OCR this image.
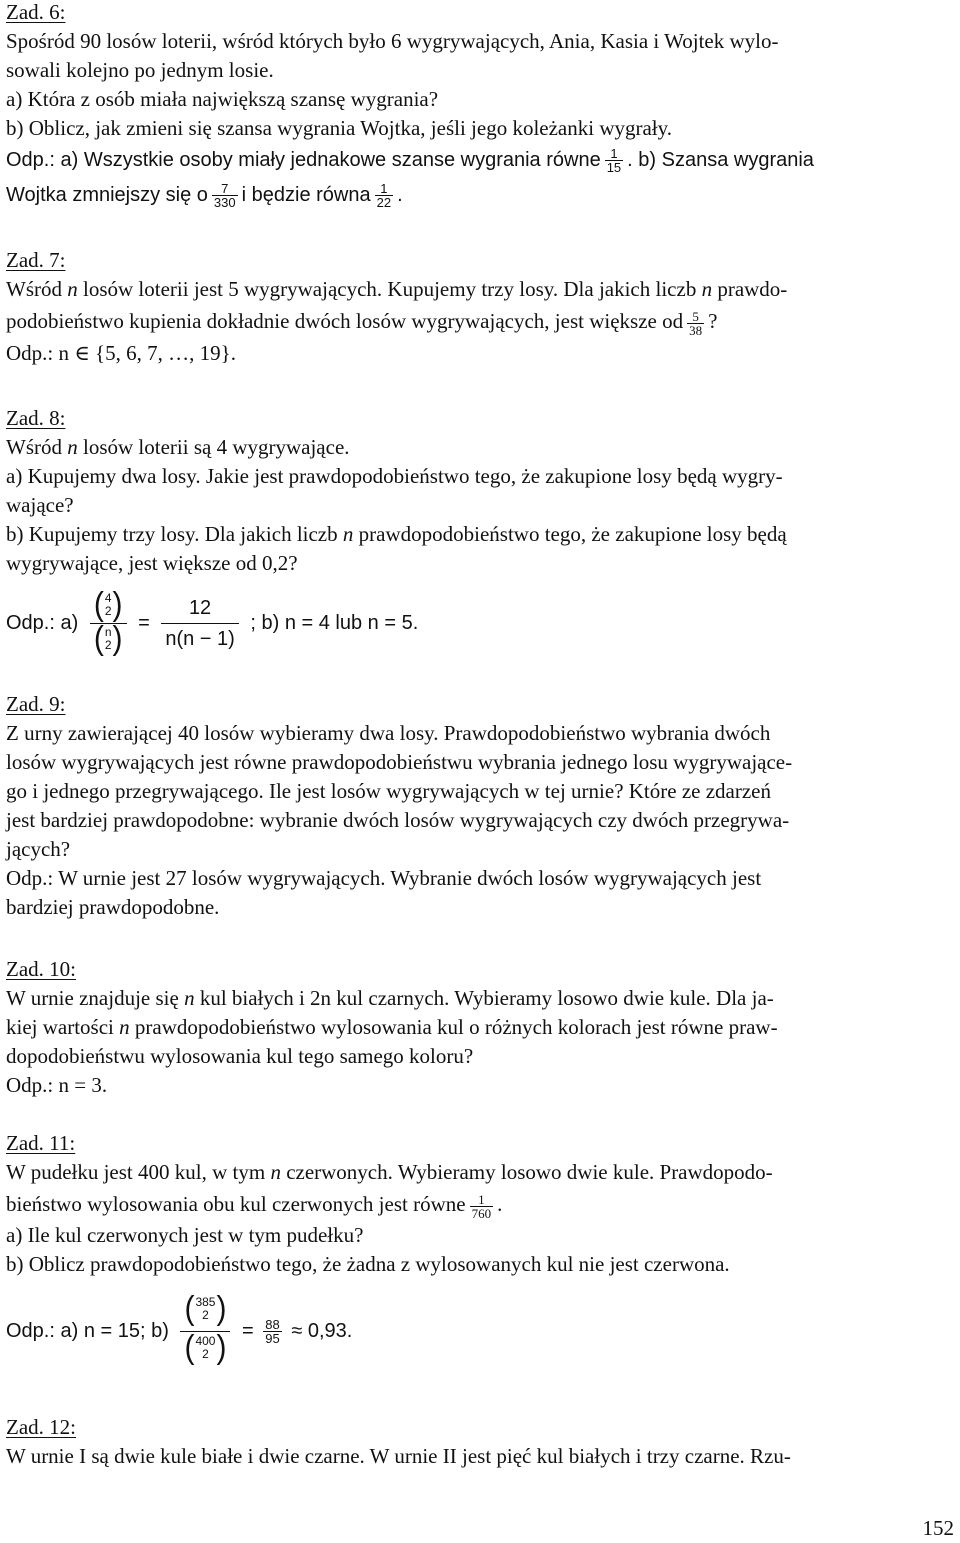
Zad. 6:
Spośród 90 losów loterii, wśród których było 6 wygrywających, Ania, Kasia i Wojtek wylo-
sowali kolejno po jednym losie.
a) Która z osób miała największą szansę wygrania?
b) Oblicz, jak zmieni się szansa wygrania Wojtka, jeśli jego koleżanki wygrały.
Odp.: a) Wszystkie osoby miały jednakowe szanse wygrania równe $\frac{1}{15}$ . b) Szansa wygrania
Wojtka zmniejszy się o $\frac{7}{330}$ i będzie równa $\frac{1}{22}$ .
Zad. 7:
Wśród n losów loterii jest 5 wygrywających. Kupujemy trzy losy. Dla jakich liczb n prawdo-
podobieństwo kupienia dokładnie dwóch losów wygrywających, jest większe od $\frac{5}{38}$ ?
Odp.: n ∈ {5, 6, 7, …, 19}.
Zad. 8:
Wśród n losów loterii są 4 wygrywające.
a) Kupujemy dwa losy. Jakie jest prawdopodobieństwo tego, że zakupione losy będą wygry-
wające?
b) Kupujemy trzy losy. Dla jakich liczb n prawdopodobieństwo tego, że zakupione losy będą
wygrywające, jest większe od 0,2?
Odp.: a)
( 4
2 )
( n
2 ) = $\frac{12}{n(n - 1)}$ ; b) n = 4 lub n = 5.
Zad. 9:
Z urny zawierającej 40 losów wybieramy dwa losy. Prawdopodobieństwo wybrania dwóch
losów wygrywających jest równe prawdopodobieństwu wybrania jednego losu wygrywające-
go i jednego przegrywającego. Ile jest losów wygrywających w tej urnie? Które ze zdarzeń
jest bardziej prawdopodobne: wybranie dwóch losów wygrywających czy dwóch przegrywa-
jących?
Odp.: W urnie jest 27 losów wygrywających. Wybranie dwóch losów wygrywających jest
bardziej prawdopodobne.
Zad. 10:
W urnie znajduje się n kul białych i 2n kul czarnych. Wybieramy losowo dwie kule. Dla ja-
kiej wartości n prawdopodobieństwo wylosowania kul o różnych kolorach jest równe praw-
dopodobieństwu wylosowania kul tego samego koloru?
Odp.: n = 3.
Zad. 11:
W pudełku jest 400 kul, w tym n czerwonych. Wybieramy losowo dwie kule. Prawdopodo-
bieństwo wylosowania obu kul czerwonych jest równe $\frac{1}{760}$ .
a) Ile kul czerwonych jest w tym pudełku?
b) Oblicz prawdopodobieństwo tego, że żadna z wylosowanych kul nie jest czerwona.
Odp.: a) n = 15; b)
( 385
2 )
( 400
2 ) = $\frac{88}{95} \approx 0,93$.
Zad. 12:
W urnie I są dwie kule białe i dwie czarne. W urnie II jest pięć kul białych i trzy czarne. Rzu-
152
